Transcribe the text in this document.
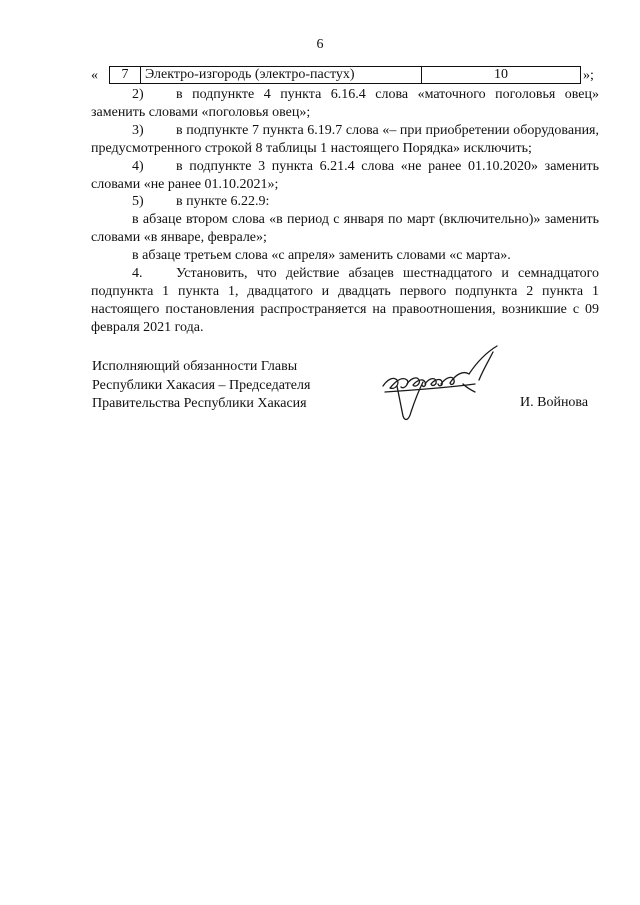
6
«	7	Электро-изгородь (электро-пастух)	10	»;

2) в подпункте 4 пункта 6.16.4 слова «маточного поголовья овец» заменить словами «поголовья овец»;

3) в подпункте 7 пункта 6.19.7 слова «– при приобретении оборудования, предусмотренного строкой 8 таблицы 1 настоящего Порядка» исключить;

4) в подпункте 3 пункта 6.21.4 слова «не ранее 01.10.2020» заменить словами «не ранее 01.10.2021»;

5) в пункте 6.22.9:

в абзаце втором слова «в период с января по март (включительно)» заменить словами «в январе, феврале»;

в абзаце третьем слова «с апреля» заменить словами «с марта».

4. Установить, что действие абзацев шестнадцатого и семнадцатого подпункта 1 пункта 1, двадцатого и двадцать первого подпункта 2 пункта 1 настоящего постановления распространяется на правоотношения, возникшие с 09 февраля 2021 года.

Исполняющий обязанности Главы
Республики Хакасия – Председателя
Правительства Республики Хакасия	И. Войнова
